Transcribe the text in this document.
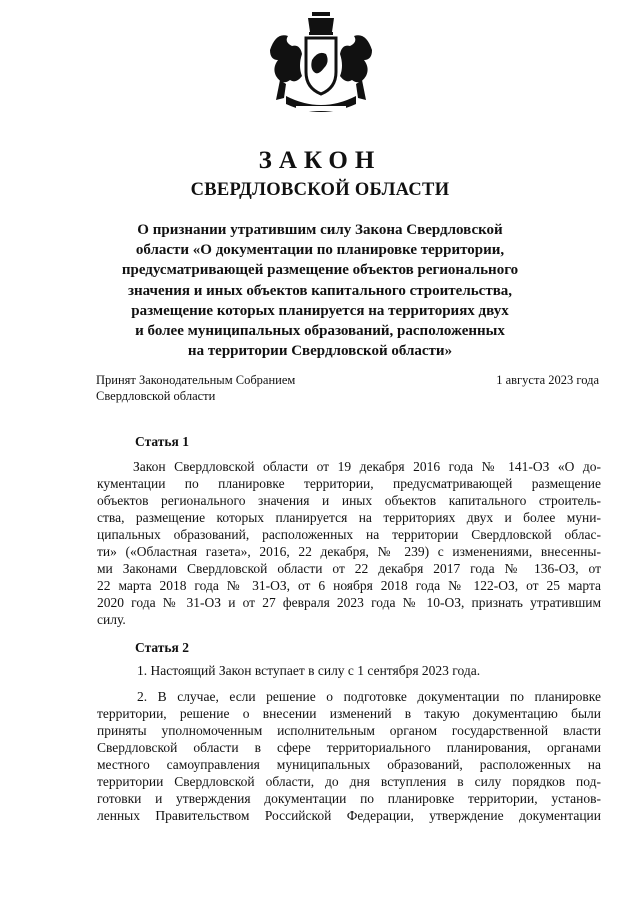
ЗАКОН
СВЕРДЛОВСКОЙ ОБЛАСТИ
О признании утратившим силу Закона Свердловской
области «О документации по планировке территории,
предусматривающей размещение объектов регионального
значения и иных объектов капитального строительства,
размещение которых планируется на территориях двух
и более муниципальных образований, расположенных
на территории Свердловской области»
Принят Законодательным Собранием
Свердловской области
1 августа 2023 года
Статья 1
Закон Свердловской области от 19 декабря 2016 года № 141-ОЗ «О до-
кументации по планировке территории, предусматривающей размещение
объектов регионального значения и иных объектов капитального строитель-
ства, размещение которых планируется на территориях двух и более муни-
ципальных образований, расположенных на территории Свердловской облас-
ти» («Областная газета», 2016, 22 декабря, № 239) с изменениями, внесенны-
ми Законами Свердловской области от 22 декабря 2017 года № 136-ОЗ, от
22 марта 2018 года № 31-ОЗ, от 6 ноября 2018 года № 122-ОЗ, от 25 марта
2020 года № 31-ОЗ и от 27 февраля 2023 года № 10-ОЗ, признать утратившим
силу.
Статья 2
1. Настоящий Закон вступает в силу с 1 сентября 2023 года.
2. В случае, если решение о подготовке документации по планировке
территории, решение о внесении изменений в такую документацию были
приняты уполномоченным исполнительным органом государственной власти
Свердловской области в сфере территориального планирования, органами
местного самоуправления муниципальных образований, расположенных на
территории Свердловской области, до дня вступления в силу порядков под-
готовки и утверждения документации по планировке территории, установ-
ленных Правительством Российской Федерации, утверждение документации
